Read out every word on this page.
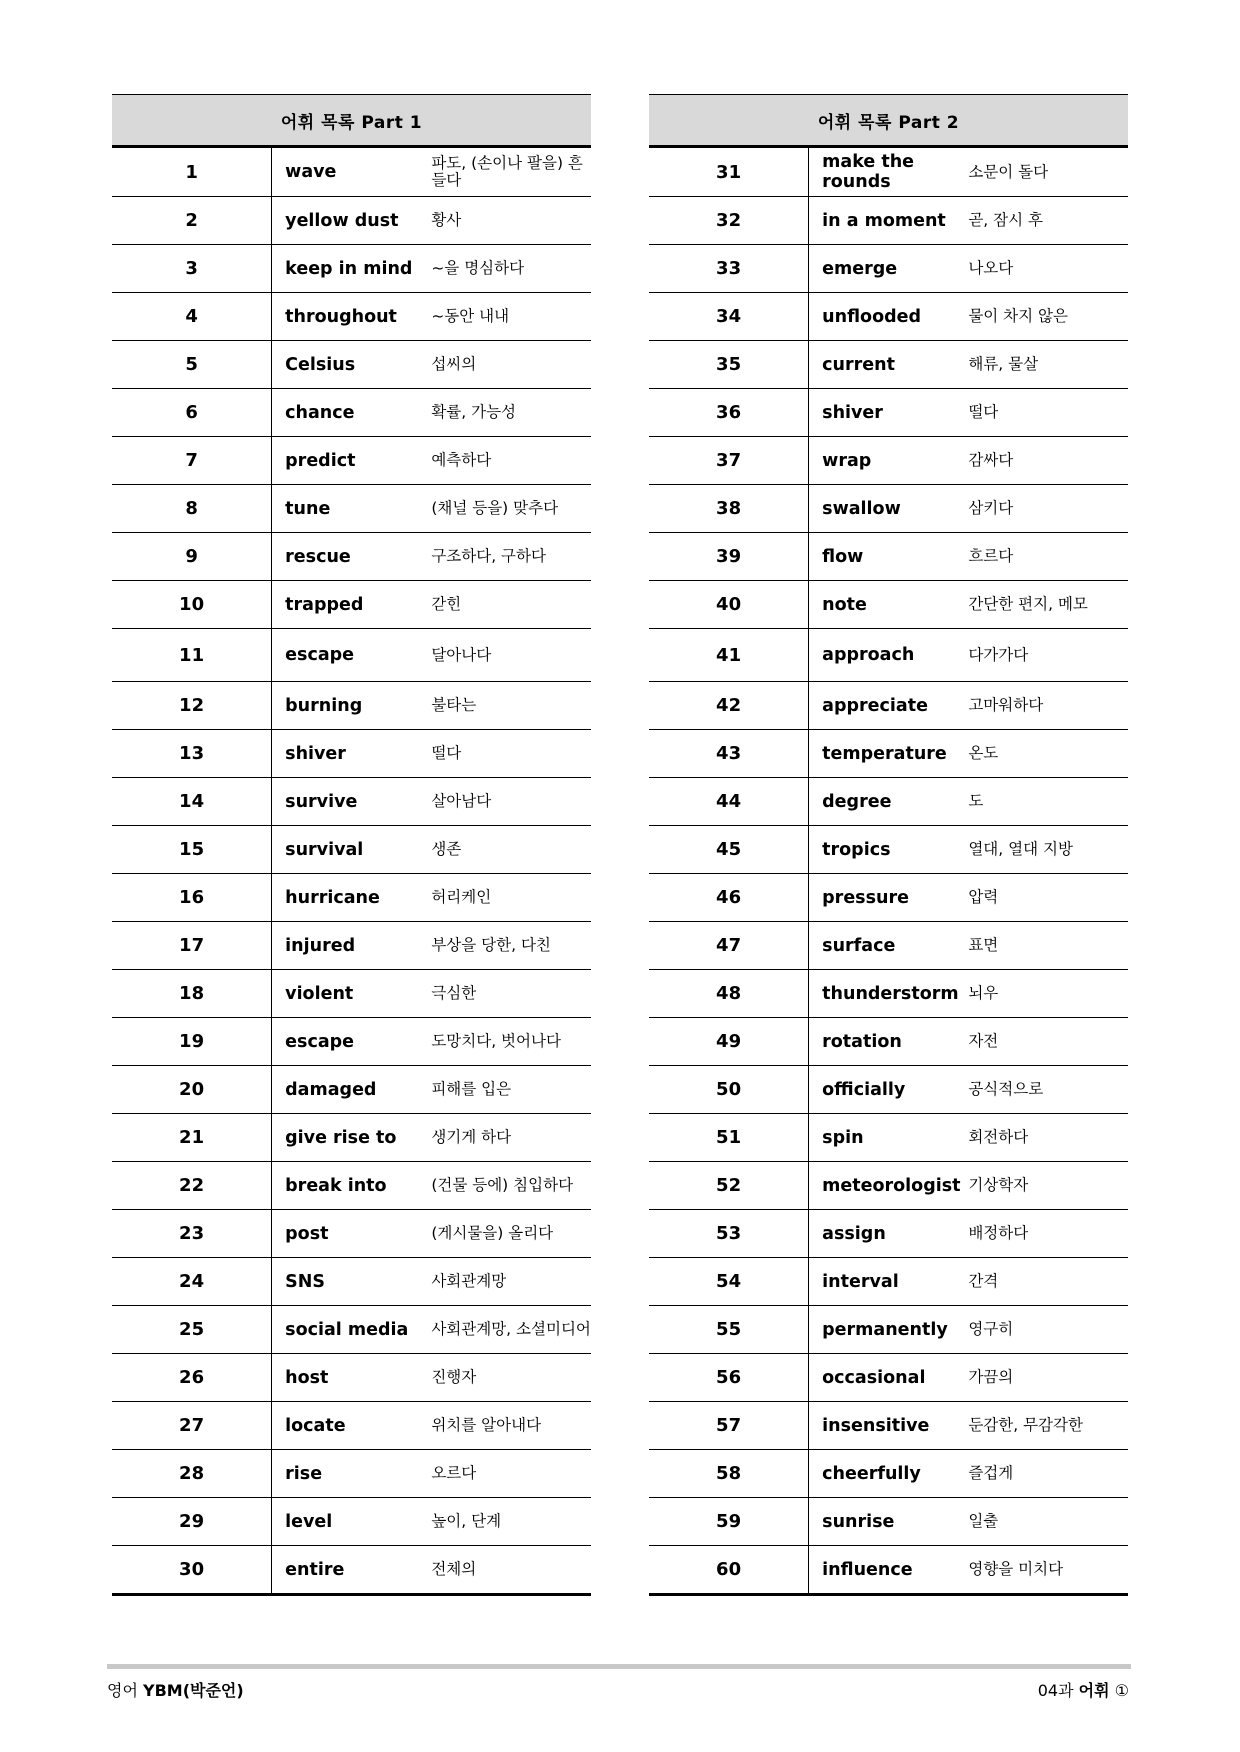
어휘 목록 Part 1		
1	wave	파도, (손이나 팔을) 흔들다
2	yellow dust	황사
3	keep in mind	~을 명심하다
4	throughout	~동안 내내
5	Celsius	섭씨의
6	chance	확률, 가능성
7	predict	예측하다
8	tune	(채널 등을) 맞추다
9	rescue	구조하다, 구하다
10	trapped	갇힌
11	escape	달아나다
12	burning	불타는
13	shiver	떨다
14	survive	살아남다
15	survival	생존
16	hurricane	허리케인
17	injured	부상을 당한, 다친
18	violent	극심한
19	escape	도망치다, 벗어나다
20	damaged	피해를 입은
21	give rise to	생기게 하다
22	break into	(건물 등에) 침입하다
23	post	(게시물을) 올리다
24	SNS	사회관계망
25	social media	사회관계망, 소셜미디어
26	host	진행자
27	locate	위치를 알아내다
28	rise	오르다
29	level	높이, 단계
30	entire	전체의
어휘 목록 Part 2		
31	make the rounds	소문이 돌다
32	in a moment	곧, 잠시 후
33	emerge	나오다
34	unflooded	물이 차지 않은
35	current	해류, 물살
36	shiver	떨다
37	wrap	감싸다
38	swallow	삼키다
39	flow	흐르다
40	note	간단한 편지, 메모
41	approach	다가가다
42	appreciate	고마워하다
43	temperature	온도
44	degree	도
45	tropics	열대, 열대 지방
46	pressure	압력
47	surface	표면
48	thunderstorm	뇌우
49	rotation	자전
50	officially	공식적으로
51	spin	회전하다
52	meteorologist	기상학자
53	assign	배정하다
54	interval	간격
55	permanently	영구히
56	occasional	가끔의
57	insensitive	둔감한, 무감각한
58	cheerfully	즐겁게
59	sunrise	일출
60	influence	영향을 미치다
영어 YBM(박준언)	04과 어휘 ①
